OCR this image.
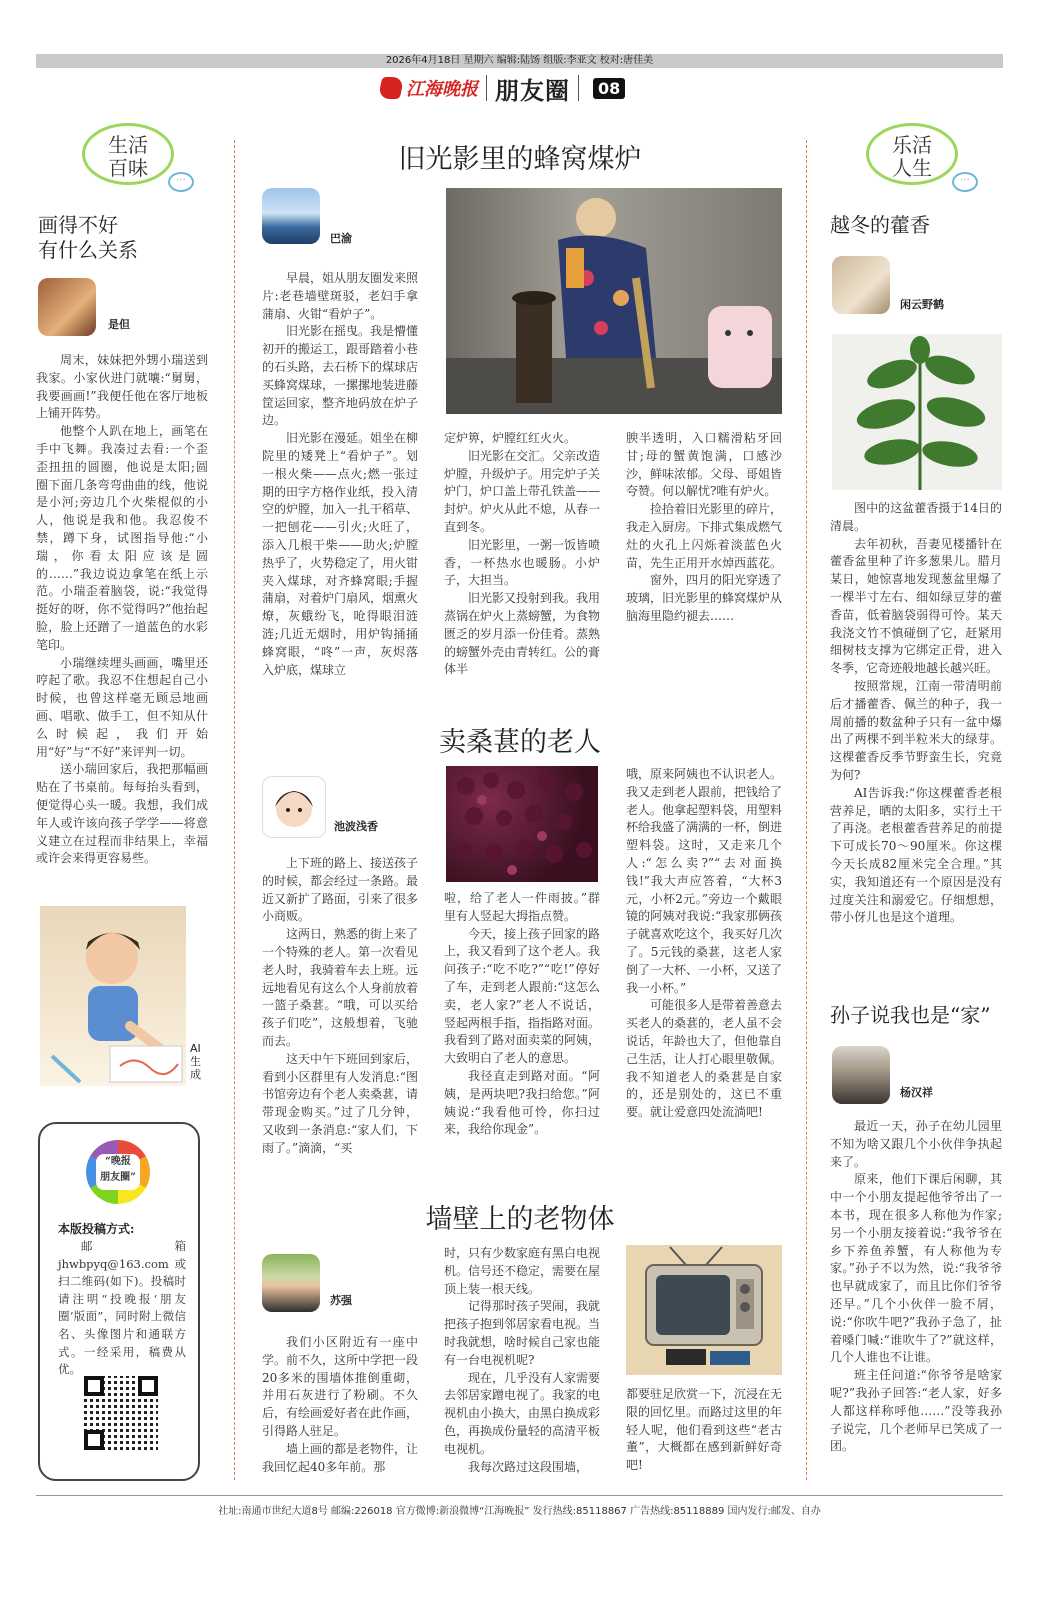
2026年4月18日 星期六 编辑:陆饧 组版:李亚文 校对:唐佳美
江海晚报 朋友圈	08
生活
百味	…
画得不好
有什么关系
是但

周末，妹妹把外甥小瑞送到我家。小家伙进门就嚷:“舅舅，我要画画!”我便任他在客厅地板上铺开阵势。

他整个人趴在地上，画笔在手中飞舞。我凑过去看:一个歪歪扭扭的圆圈，他说是太阳;圆圈下面几条弯弯曲曲的线，他说是小河;旁边几个火柴棍似的小人，他说是我和他。我忍俊不禁，蹲下身，试图指导他:“小瑞，你看太阳应该是圆的……”我边说边拿笔在纸上示范。小瑞歪着脑袋，说:“我觉得挺好的呀，你不觉得吗?”他抬起脸，脸上还蹭了一道蓝色的水彩笔印。

小瑞继续埋头画画，嘴里还哼起了歌。我忍不住想起自己小时候，也曾这样毫无顾忌地画画、唱歌、做手工，但不知从什么时候起，我们开始用“好”与“不好”来评判一切。

送小瑞回家后，我把那幅画贴在了书桌前。每每抬头看到，便觉得心头一暖。我想，我们成年人或许该向孩子学学——将意义建立在过程而非结果上，幸福或许会来得更容易些。

AI生成
“晚报
朋友圈”
本版投稿方式:
邮箱 jhwbpyq@163.com 或扫二维码(如下)。投稿时请注明“投晚报‘朋友圈’版面”，同时附上微信名、头像图片和通联方式。一经采用，稿费从优。
旧光影里的蜂窝煤炉
巴渝

早晨，姐从朋友圈发来照片:老巷墙壁斑驳，老妇手拿蒲扇、火钳“看炉子”。

旧光影在摇曳。我是懵懂初开的搬运工，跟哥踏着小巷的石头路，去石桥下的煤球店买蜂窝煤球，一摞摞地装进藤筐运回家，整齐地码放在炉子边。

旧光影在漫延。姐坐在柳院里的矮凳上“看炉子”。划一根火柴——点火;燃一张过期的田字方格作业纸，投入清空的炉膛，加入一扎干稻草、一把刨花——引火;火旺了，添入几根干柴——助火;炉膛热乎了，火势稳定了，用火钳夹入煤球，对齐蜂窝眼;手握蒲扇，对着炉门扇风，烟熏火燎，灰蛾纷飞，呛得眼泪涟涟;几近无烟时，用炉钩捅捅蜂窝眼，“咚”一声，灰烬落入炉底，煤球立

定炉箅，炉膛红红火火。

旧光影在交汇。父亲改造炉膛，升级炉子。用完炉子关炉门，炉口盖上带孔铁盖——封炉。炉火从此不熄，从春一直到冬。

旧光影里，一粥一饭皆喷香，一杯热水也暖肠。小炉子，大担当。

旧光影又投射到我。我用蒸锅在炉火上蒸螃蟹，为食物匮乏的岁月添一份佳肴。蒸熟的螃蟹外壳由青转红。公的膏体半

腴半透明，入口糯滑粘牙回甘;母的蟹黄饱满，口感沙沙，鲜味浓郁。父母、哥姐皆夸赞。何以解忧?唯有炉火。

捡拾着旧光影里的碎片，我走入厨房。下排式集成燃气灶的火孔上闪烁着淡蓝色火苗，先生正用开水焯西蓝花。

窗外，四月的阳光穿透了玻璃，旧光影里的蜂窝煤炉从脑海里隐约褪去……

卖桑葚的老人
池波浅香

上下班的路上、接送孩子的时候，都会经过一条路。最近又新扩了路面，引来了很多小商贩。

这两日，熟悉的街上来了一个特殊的老人。第一次看见老人时，我骑着车去上班。远远地看见有这么个人身前放着一篮子桑葚。“哦，可以买给孩子们吃”，这般想着，飞驰而去。

这天中午下班回到家后，看到小区群里有人发消息:“图书馆旁边有个老人卖桑葚，请带现金购买。”过了几分钟，又收到一条消息:“家人们，下雨了。”滴滴，“买

啦，给了老人一件雨披。”群里有人竖起大拇指点赞。

今天，接上孩子回家的路上，我又看到了这个老人。我问孩子:“吃不吃?”“吃!”停好了车，走到老人跟前:“这怎么卖，老人家?”老人不说话，竖起两根手指，指指路对面。我看到了路对面卖菜的阿姨，大致明白了老人的意思。

我径直走到路对面。“阿姨，是两块吧?我扫给您。”阿姨说:“我看他可怜，你扫过来，我给你现金”。

哦，原来阿姨也不认识老人。我又走到老人跟前，把钱给了老人。他拿起塑料袋，用塑料杯给我盛了满满的一杯，倒进塑料袋。这时，又走来几个人:“怎么卖?”“去对面换钱!”我大声应答着，“大杯3元，小杯2元。”旁边一个戴眼镜的阿姨对我说:“我家那俩孩子就喜欢吃这个，我买好几次了。5元钱的桑葚，这老人家倒了一大杯、一小杯，又送了我一小杯。”

可能很多人是带着善意去买老人的桑葚的，老人虽不会说话，年龄也大了，但他靠自己生活，让人打心眼里敬佩。我不知道老人的桑葚是自家的，还是别处的，这已不重要。就让爱意四处流淌吧!

墙壁上的老物体
苏强

我们小区附近有一座中学。前不久，这所中学把一段20多米的围墙体推倒重砌，并用石灰进行了粉刷。不久后，有绘画爱好者在此作画，引得路人驻足。

墙上画的都是老物件，让我回忆起40多年前。那

时，只有少数家庭有黑白电视机。信号还不稳定，需要在屋顶上装一根天线。

记得那时孩子哭闹，我就把孩子抱到邻居家看电视。当时我就想，啥时候自己家也能有一台电视机呢?

现在，几乎没有人家需要去邻居家蹭电视了。我家的电视机由小换大，由黑白换成彩色，再换成份量轻的高清平板电视机。

我每次路过这段围墙，

都要驻足欣赏一下，沉浸在无限的回忆里。而路过这里的年轻人呢，他们看到这些“老古董”，大概都在感到新鲜好奇吧!

乐活
人生	…
越冬的藿香
闲云野鹤

图中的这盆藿香摄于14日的清晨。

去年初秋，吾妻见楼播针在藿香盆里种了许多葱果儿。腊月某日，她惊喜地发现葱盆里爆了一棵半寸左右、细如绿豆芽的藿香苗，低着脑袋弱得可怜。某天我浇文竹不慎碰倒了它，赶紧用细树枝支撑为它绑定正骨，进入冬季，它奇迹般地越长越兴旺。

按照常规，江南一带清明前后才播藿香、佩兰的种子，我一周前播的数盆种子只有一盆中爆出了两棵不到半粒米大的绿芽。这棵藿香反季节野蛮生长，究竟为何?

AI告诉我:“你这棵藿香老根营养足，晒的太阳多，实行土干了再浇。老根藿香营养足的前提下可成长70～90厘米。你这棵今天长成82厘米完全合理。”其实，我知道还有一个原因是没有过度关注和溺爱它。仔细想想，带小伢儿也是这个道理。

孙子说我也是“家”
杨汉祥

最近一天，孙子在幼儿园里不知为啥又跟几个小伙伴争执起来了。

原来，他们下课后闲聊，其中一个小朋友提起他爷爷出了一本书，现在很多人称他为作家;另一个小朋友接着说:“我爷爷在乡下养鱼养蟹，有人称他为专家。”孙子不以为然，说:“我爷爷也早就成家了，而且比你们爷爷还早。”几个小伙伴一脸不屑，说:“你吹牛吧?”我孙子急了，扯着嗓门喊:“谁吹牛了?”就这样，几个人谁也不让谁。

班主任问道:“你爷爷是啥家呢?”我孙子回答:“老人家，好多人都这样称呼他……”没等我孙子说完，几个老师早已笑成了一团。

社址:南通市世纪大道8号 邮编:226018 官方微博:新浪微博“江海晚报” 发行热线:85118867 广告热线:85118889 国内发行:邮发、自办
